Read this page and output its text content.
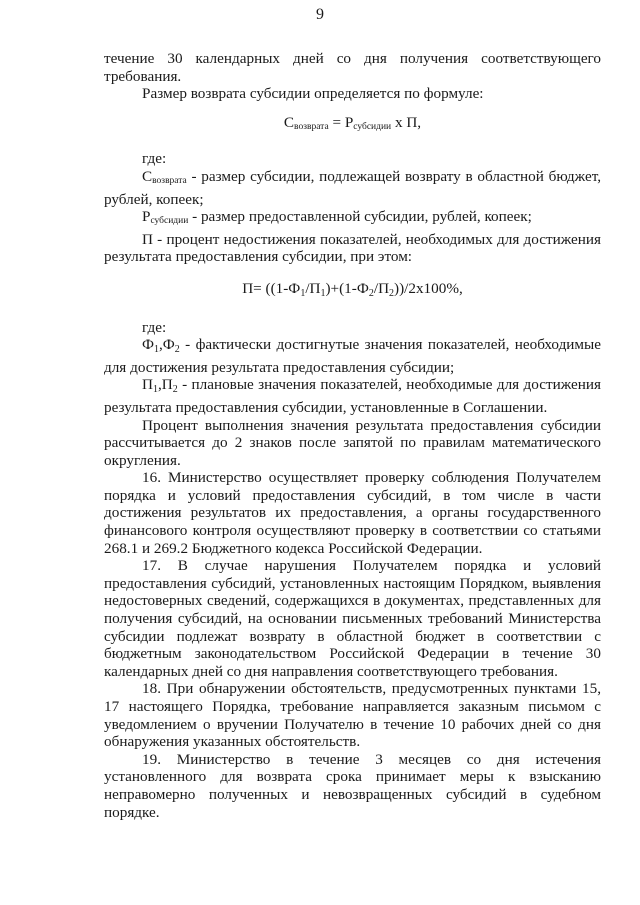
9

течение 30 календарных дней со дня получения соответствующего требования.

Размер возврата субсидии определяется по формуле:

$С_{возврата} = Р_{субсидии}$ х П,

где:

$С_{возврата}$ - размер субсидии, подлежащей возврату в областной бюджет, рублей, копеек;

$Р_{субсидии}$ - размер предоставленной субсидии, рублей, копеек;

П - процент недостижения показателей, необходимых для достижения результата предоставления субсидии, при этом:

П= ((1-Ф1/П1)+(1-Ф2/П2))/2х100%,

где:

Ф1,Ф2 - фактически достигнутые значения показателей, необходимые для достижения результата предоставления субсидии;

П1,П2 - плановые значения показателей, необходимые для достижения результата предоставления субсидии, установленные в Соглашении.

Процент выполнения значения результата предоставления субсидии рассчитывается до 2 знаков после запятой по правилам математического округления.

16. Министерство осуществляет проверку соблюдения Получателем порядка и условий предоставления субсидий, в том числе в части достижения результатов их предоставления, а органы государственного финансового контроля осуществляют проверку в соответствии со статьями 268.1 и 269.2 Бюджетного кодекса Российской Федерации.

17. В случае нарушения Получателем порядка и условий предоставления субсидий, установленных настоящим Порядком, выявления недостоверных сведений, содержащихся в документах, представленных для получения субсидий, на основании письменных требований Министерства субсидии подлежат возврату в областной бюджет в соответствии с бюджетным законодательством Российской Федерации в течение 30 календарных дней со дня направления соответствующего требования.

18. При обнаружении обстоятельств, предусмотренных пунктами 15, 17 настоящего Порядка, требование направляется заказным письмом с уведомлением о вручении Получателю в течение 10 рабочих дней со дня обнаружения указанных обстоятельств.

19. Министерство в течение 3 месяцев со дня истечения установленного для возврата срока принимает меры к взысканию неправомерно полученных и невозвращенных субсидий в судебном порядке.
